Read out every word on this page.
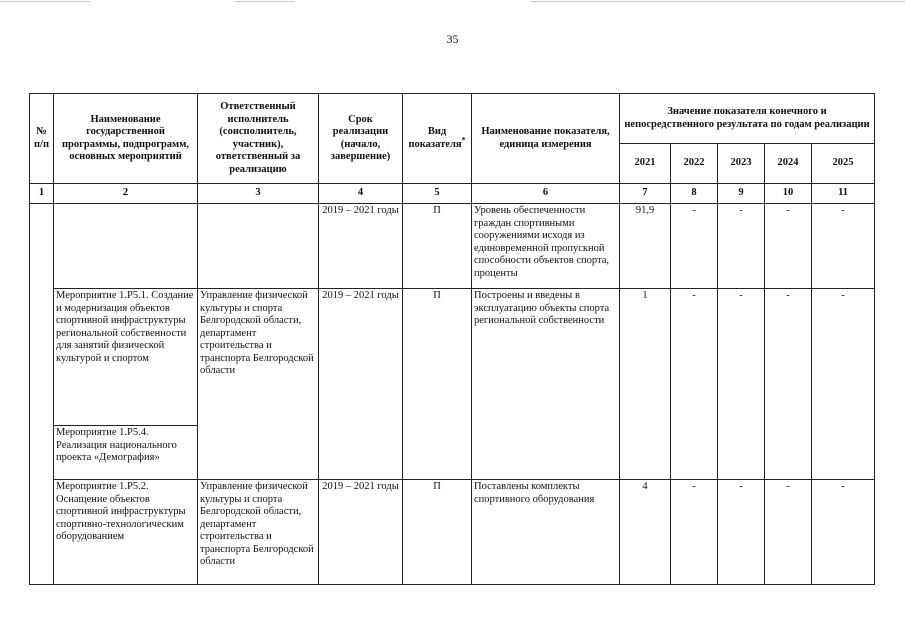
35
№ п/п	Наименование государственной программы, подпрограмм, основных мероприятий	Ответственный исполнитель (соисполнитель, участник), ответственный за реализацию	Срок реализации (начало, завершение)	Вид показателя*	Наименование показателя, единица измерения	Значение показателя конечного и непосредственного результата по годам реализации				
						2021	2022	2023	2024	2025
1	2	3	4	5	6	7	8	9	10	11
			2019 – 2021 годы	П	Уровень обеспеченности граждан спортивными сооружениями исходя из единовременной пропускной способности объектов спорта, проценты	91,9	-	-	-	-
	Мероприятие 1.P5.1. Создание и модернизация объектов спортивной инфраструктуры региональной собственности для занятий физической культурой и спортом	Управление физической культуры и спорта Белгородской области, департамент строительства и транспорта Белгородской области	2019 – 2021 годы	П	Построены и введены в эксплуатацию объекты спорта региональной собственности	1	-	-	-	-
	Мероприятие 1.P5.4. Реализация национального проекта «Демография»									
	Мероприятие 1.P5.2. Оснащение объектов спортивной инфраструктуры спортивно-технологическим оборудованием	Управление физической культуры и спорта Белгородской области, департамент строительства и транспорта Белгородской области	2019 – 2021 годы	П	Поставлены комплекты спортивного оборудования	4	-	-	-	-
